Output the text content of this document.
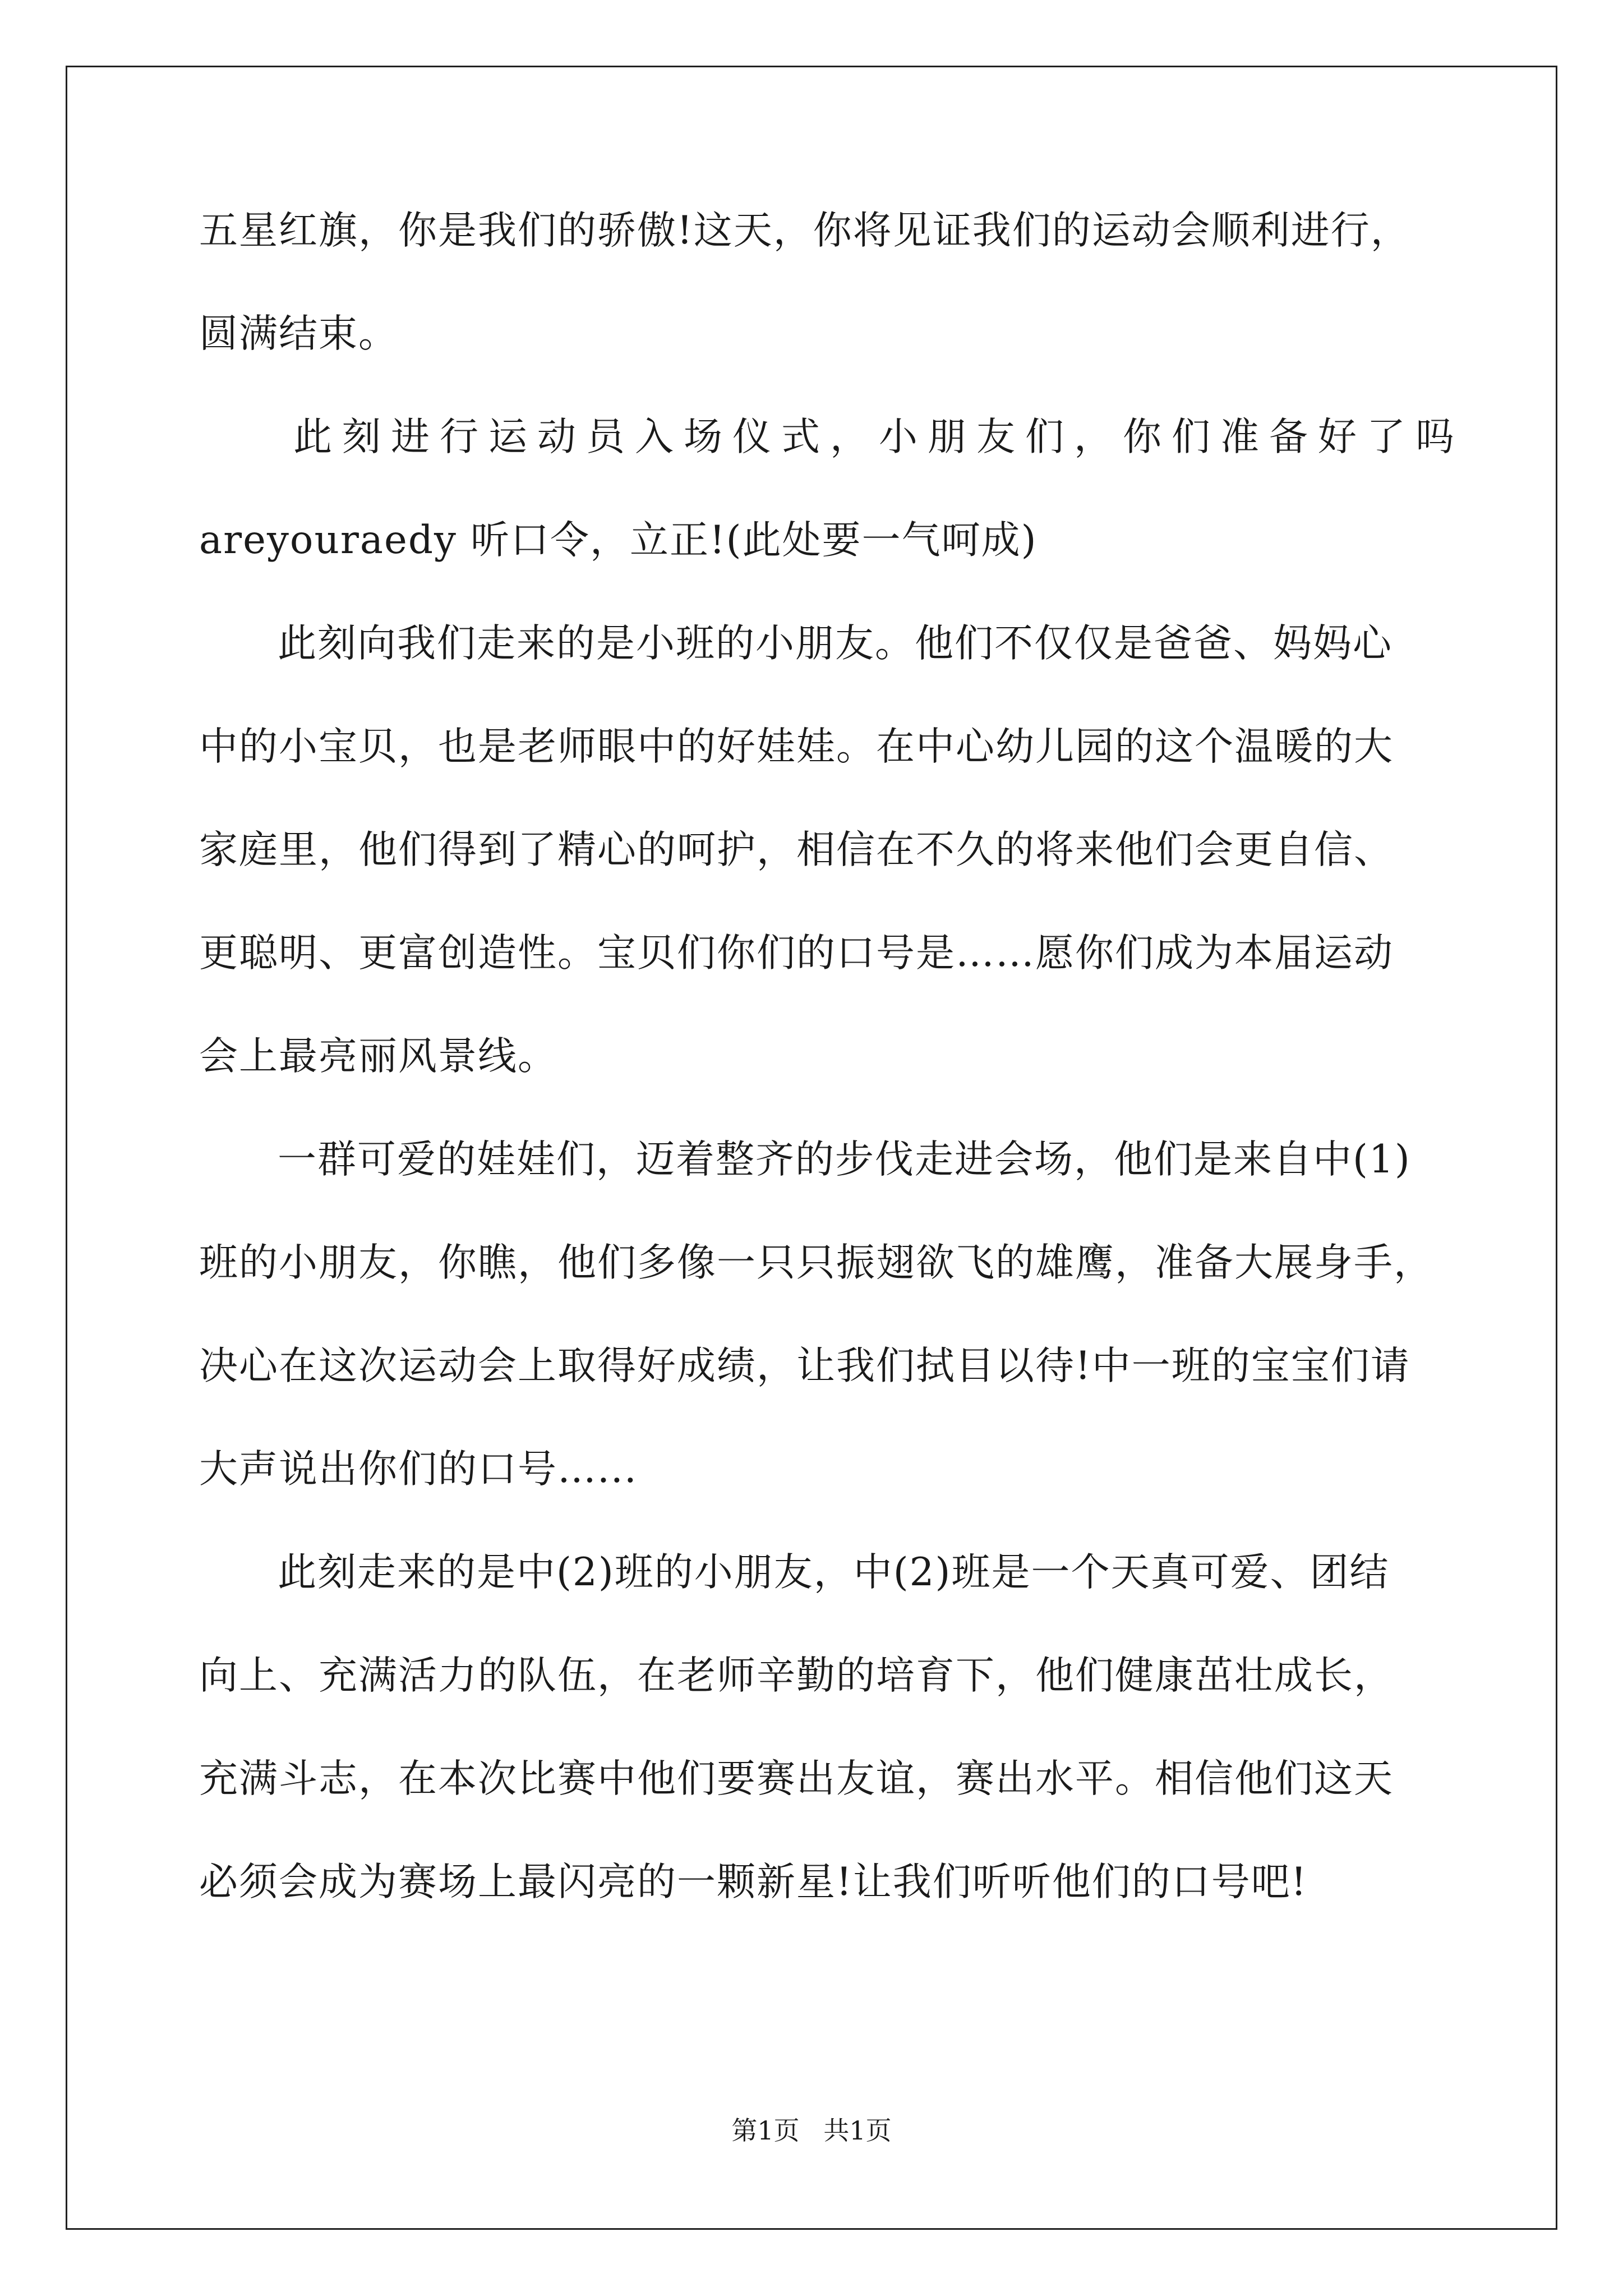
五星红旗，你是我们的骄傲!这天，你将见证我们的运动会顺利进行，

圆满结束。

此刻进行运动员入场仪式，小朋友们，你们准备好了吗

areyouraedy 听口令，立正!(此处要一气呵成)

此刻向我们走来的是小班的小朋友。他们不仅仅是爸爸、妈妈心

中的小宝贝，也是老师眼中的好娃娃。在中心幼儿园的这个温暖的大

家庭里，他们得到了精心的呵护，相信在不久的将来他们会更自信、

更聪明、更富创造性。宝贝们你们的口号是……愿你们成为本届运动

会上最亮丽风景线。

一群可爱的娃娃们，迈着整齐的步伐走进会场，他们是来自中(1)

班的小朋友，你瞧，他们多像一只只振翅欲飞的雄鹰，准备大展身手，

决心在这次运动会上取得好成绩，让我们拭目以待!中一班的宝宝们请

大声说出你们的口号…...

此刻走来的是中(2)班的小朋友，中(2)班是一个天真可爱、团结

向上、充满活力的队伍，在老师辛勤的培育下，他们健康茁壮成长，

充满斗志，在本次比赛中他们要赛出友谊，赛出水平。相信他们这天

必须会成为赛场上最闪亮的一颗新星!让我们听听他们的口号吧!

第1页 共1页
